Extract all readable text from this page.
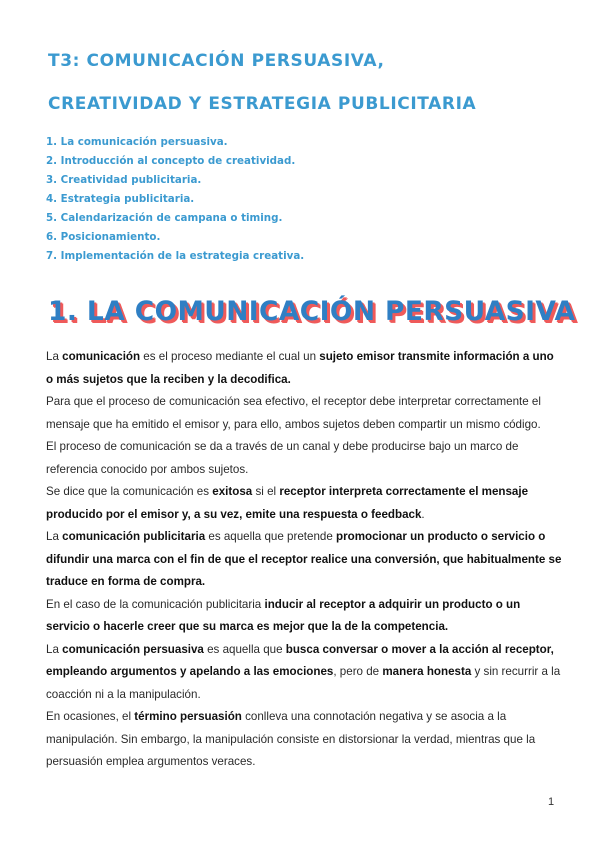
T3: COMUNICACIÓN PERSUASIVA,
CREATIVIDAD Y ESTRATEGIA PUBLICITARIA
1. La comunicación persuasiva.
2. Introducción al concepto de creatividad.
3. Creatividad publicitaria.
4. Estrategia publicitaria.
5. Calendarización de campana o timing.
6. Posicionamiento.
7. Implementación de la estrategia creativa.
1. LA COMUNICACIÓN PERSUASIVA

La comunicación es el proceso mediante el cual un sujeto emisor transmite información a uno o más sujetos que la reciben y la decodifica.

Para que el proceso de comunicación sea efectivo, el receptor debe interpretar correctamente el mensaje que ha emitido el emisor y, para ello, ambos sujetos deben compartir un mismo código.

El proceso de comunicación se da a través de un canal y debe producirse bajo un marco de referencia conocido por ambos sujetos.

Se dice que la comunicación es exitosa si el receptor interpreta correctamente el mensaje producido por el emisor y, a su vez, emite una respuesta o feedback.

La comunicación publicitaria es aquella que pretende promocionar un producto o servicio o difundir una marca con el fin de que el receptor realice una conversión, que habitualmente se traduce en forma de compra.

En el caso de la comunicación publicitaria inducir al receptor a adquirir un producto o un servicio o hacerle creer que su marca es mejor que la de la competencia.

La comunicación persuasiva es aquella que busca conversar o mover a la acción al receptor, empleando argumentos y apelando a las emociones, pero de manera honesta y sin recurrir a la coacción ni a la manipulación.

En ocasiones, el término persuasión conlleva una connotación negativa y se asocia a la manipulación. Sin embargo, la manipulación consiste en distorsionar la verdad, mientras que la persuasión emplea argumentos veraces.

1
